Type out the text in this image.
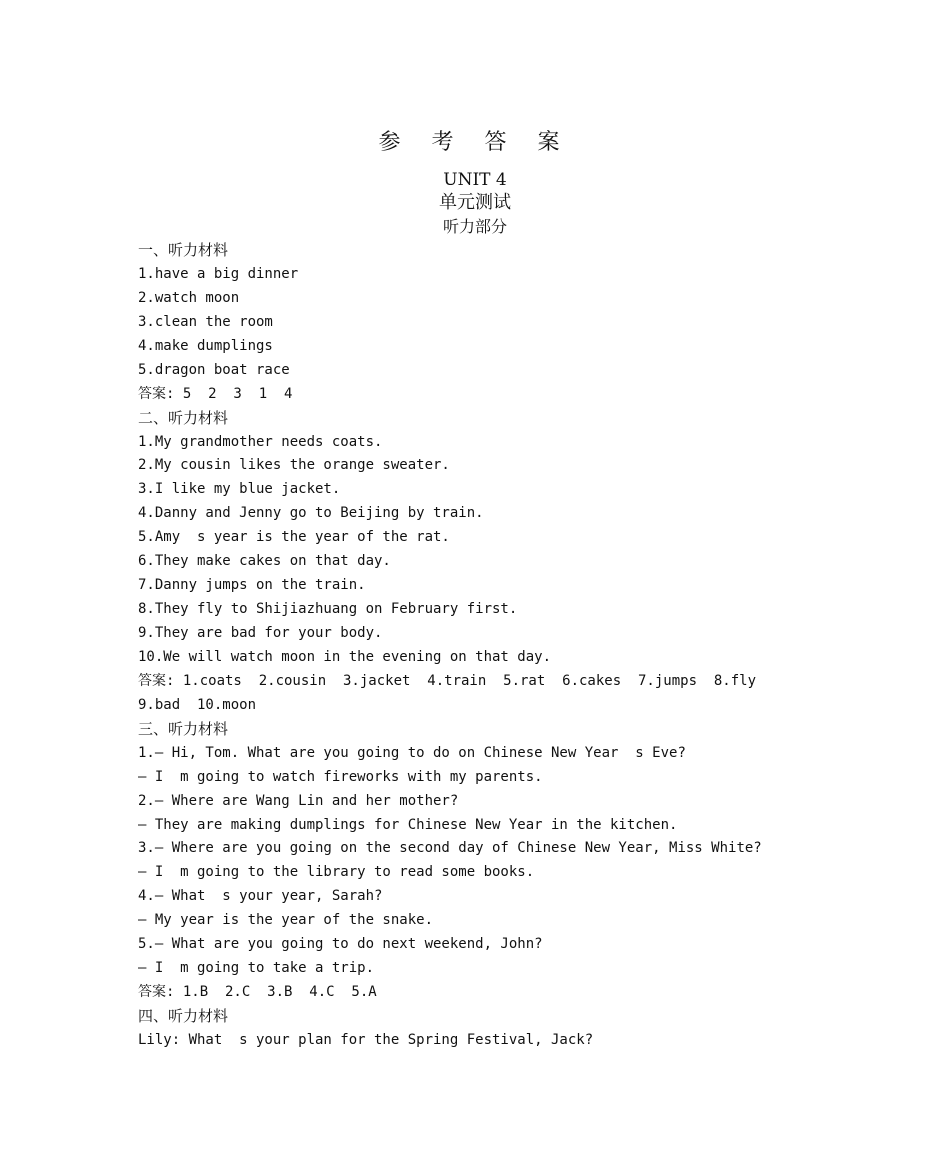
参 考 答 案
UNIT 4
单元测试
听力部分
一、听力材料
1.have a big dinner
2.watch moon
3.clean the room
4.make dumplings
5.dragon boat race
答案: 5  2  3  1  4
二、听力材料
1.My grandmother needs coats.
2.My cousin likes the orange sweater.
3.I like my blue jacket.
4.Danny and Jenny go to Beijing by train.
5.Amy  s year is the year of the rat.
6.They make cakes on that day.
7.Danny jumps on the train.
8.They fly to Shijiazhuang on February first.
9.They are bad for your body.
10.We will watch moon in the evening on that day.
答案: 1.coats  2.cousin  3.jacket  4.train  5.rat  6.cakes  7.jumps  8.fly
9.bad  10.moon
三、听力材料
1.— Hi, Tom. What are you going to do on Chinese New Year  s Eve?
— I  m going to watch fireworks with my parents.
2.— Where are Wang Lin and her mother?
— They are making dumplings for Chinese New Year in the kitchen.
3.— Where are you going on the second day of Chinese New Year, Miss White?
— I  m going to the library to read some books.
4.— What  s your year, Sarah?
— My year is the year of the snake.
5.— What are you going to do next weekend, John?
— I  m going to take a trip.
答案: 1.B  2.C  3.B  4.C  5.A
四、听力材料
Lily: What  s your plan for the Spring Festival, Jack?
